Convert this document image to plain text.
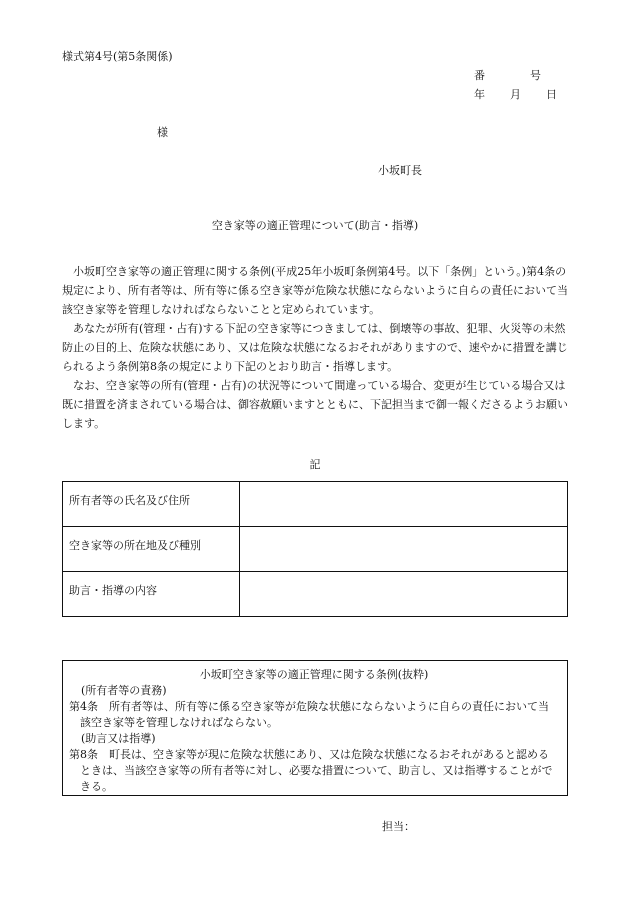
様式第4号(第5条関係)
番	号
年 月 日
様
小坂町長
空き家等の適正管理について(助言・指導)

小坂町空き家等の適正管理に関する条例(平成25年小坂町条例第4号。以下「条例」という。)第4条の規定により、所有者等は、所有等に係る空き家等が危険な状態にならないように自らの責任において当該空き家等を管理しなければならないことと定められています。

あなたが所有(管理・占有)する下記の空き家等につきましては、倒壊等の事故、犯罪、火災等の未然防止の目的上、危険な状態にあり、又は危険な状態になるおそれがありますので、速やかに措置を講じられるよう条例第8条の規定により下記のとおり助言・指導します。

なお、空き家等の所有(管理・占有)の状況等について間違っている場合、変更が生じている場合又は既に措置を済まされている場合は、御容赦願いますとともに、下記担当まで御一報くださるようお願いします。

記
所有者等の氏名及び住所	
空き家等の所在地及び種別	
助言・指導の内容	
小坂町空き家等の適正管理に関する条例(抜粋)

(所有者等の責務)

第4条　所有者等は、所有等に係る空き家等が危険な状態にならないように自らの責任において当該空き家等を管理しなければならない。

(助言又は指導)

第8条　町長は、空き家等が現に危険な状態にあり、又は危険な状態になるおそれがあると認めるときは、当該空き家等の所有者等に対し、必要な措置について、助言し、又は指導することができる。

担当：
